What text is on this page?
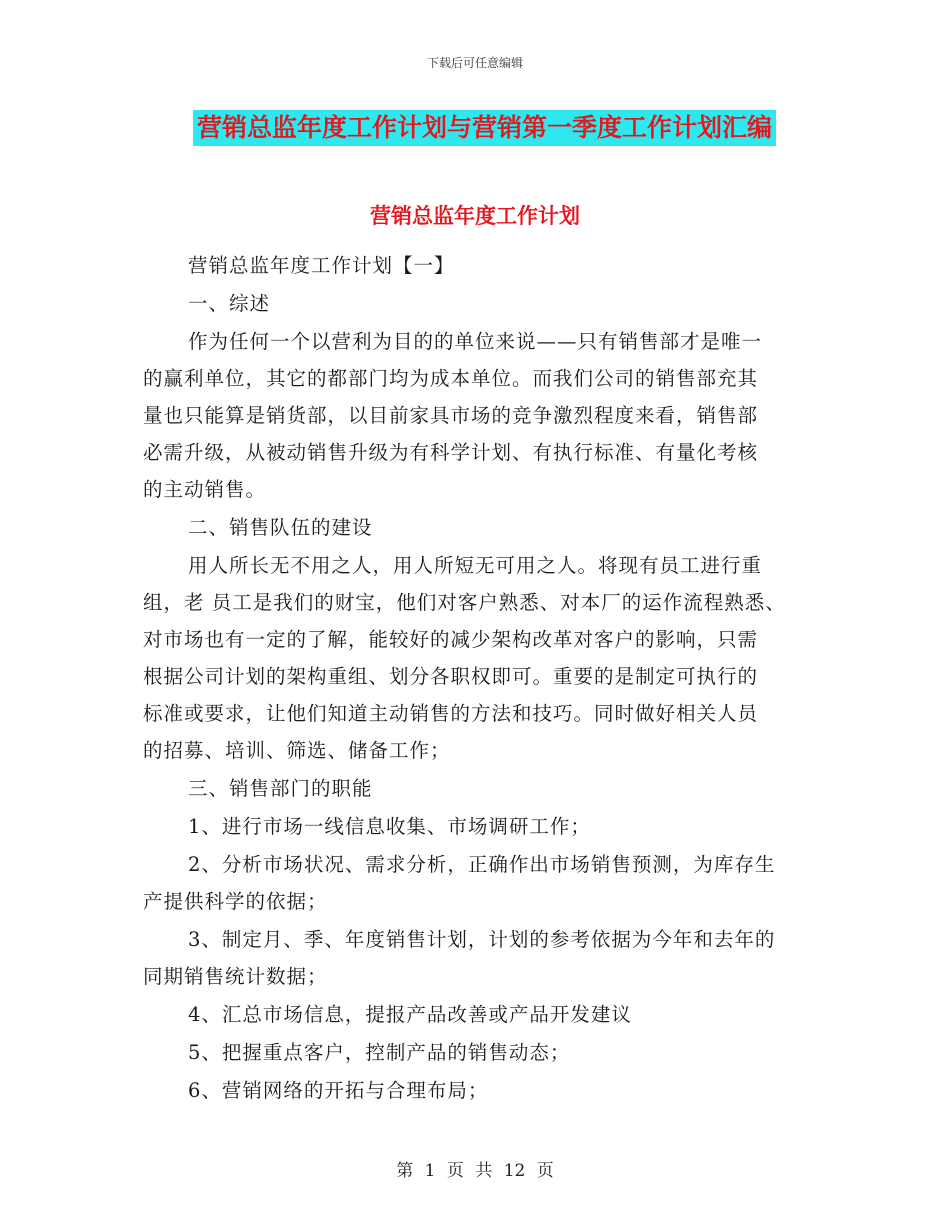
下载后可任意编辑
营销总监年度工作计划与营销第一季度工作计划汇编
营销总监年度工作计划
营销总监年度工作计划【一】
一、综述
作为任何一个以营利为目的的单位来说——只有销售部才是唯一
的赢利单位，其它的都部门均为成本单位。而我们公司的销售部充其
量也只能算是销货部，以目前家具市场的竞争激烈程度来看，销售部
必需升级，从被动销售升级为有科学计划、有执行标准、有量化考核
的主动销售。
二、销售队伍的建设
用人所长无不用之人，用人所短无可用之人。将现有员工进行重
组，老 员工是我们的财宝，他们对客户熟悉、对本厂的运作流程熟悉、
对市场也有一定的了解，能较好的减少架构改革对客户的影响，只需
根据公司计划的架构重组、划分各职权即可。重要的是制定可执行的
标准或要求，让他们知道主动销售的方法和技巧。同时做好相关人员
的招募、培训、筛选、储备工作；
三、销售部门的职能
1、进行市场一线信息收集、市场调研工作；
2、分析市场状况、需求分析，正确作出市场销售预测，为库存生
产提供科学的依据；
3、制定月、季、年度销售计划，计划的参考依据为今年和去年的
同期销售统计数据；
4、汇总市场信息，提报产品改善或产品开发建议
5、把握重点客户，控制产品的销售动态；
6、营销网络的开拓与合理布局；
第 1 页 共 12 页
